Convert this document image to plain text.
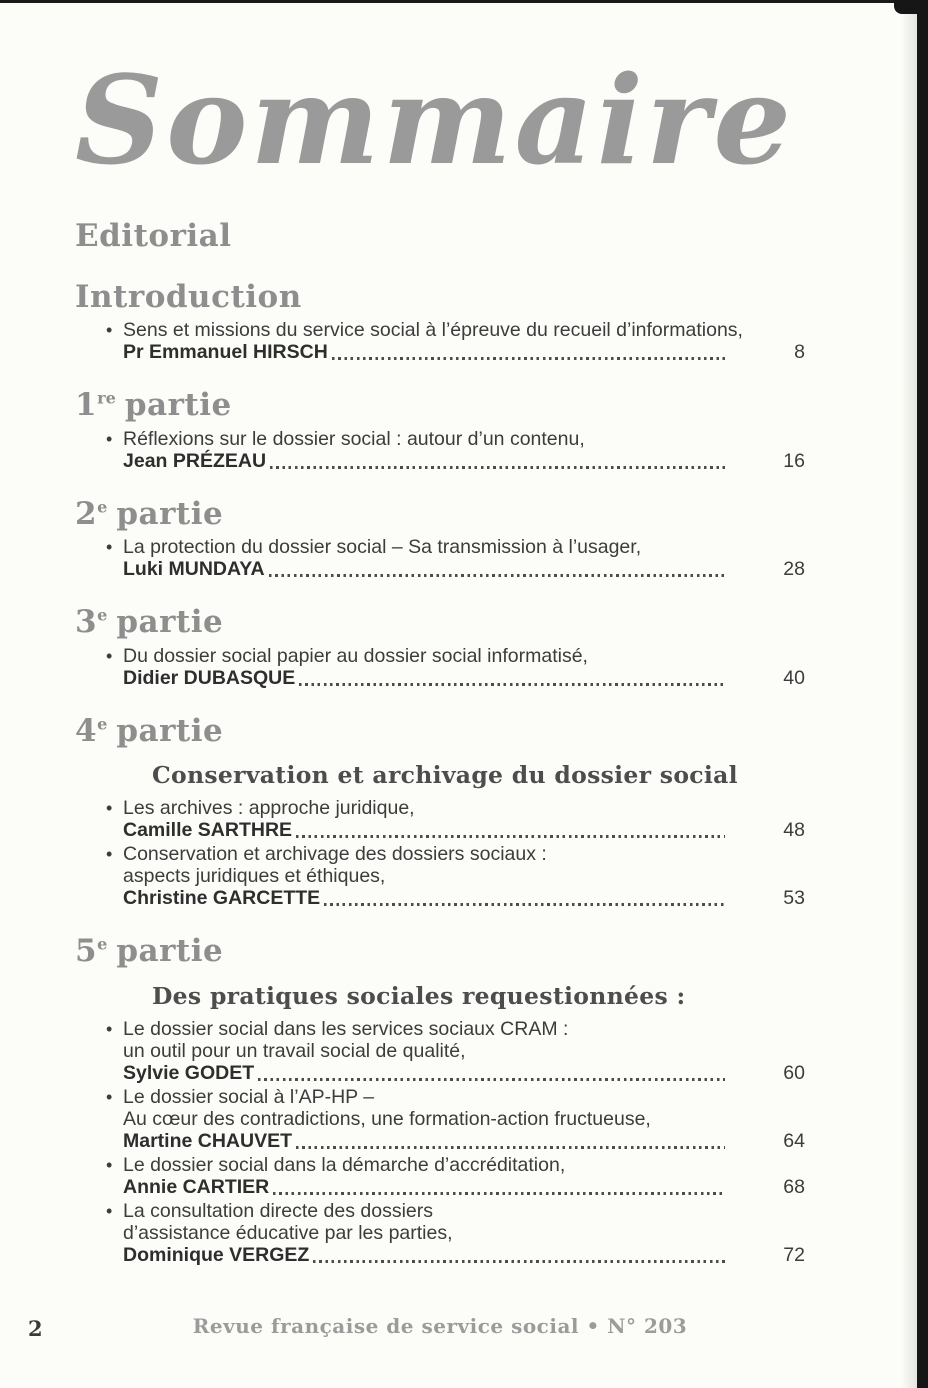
Sommaire
Editorial
Introduction
• Sens et missions du service social à l’épreuve du recueil d’informations,
Pr Emmanuel HIRSCH	8
1re partie
• Réflexions sur le dossier social : autour d’un contenu,
Jean PRÉZEAU	16
2e partie
• La protection du dossier social – Sa transmission à l’usager,
Luki MUNDAYA	28
3e partie
• Du dossier social papier au dossier social informatisé,
Didier DUBASQUE	40
4e partie
Conservation et archivage du dossier social
• Les archives : approche juridique,
Camille SARTHRE	48
• Conservation et archivage des dossiers sociaux :
aspects juridiques et éthiques,
Christine GARCETTE	53
5e partie
Des pratiques sociales requestionnées :
• Le dossier social dans les services sociaux CRAM :
un outil pour un travail social de qualité,
Sylvie GODET	60
• Le dossier social à l’AP-HP –
Au cœur des contradictions, une formation-action fructueuse,
Martine CHAUVET	64
• Le dossier social dans la démarche d’accréditation,
Annie CARTIER	68
• La consultation directe des dossiers
d’assistance éducative par les parties,
Dominique VERGEZ	72
2	Revue française de service social • N° 203
